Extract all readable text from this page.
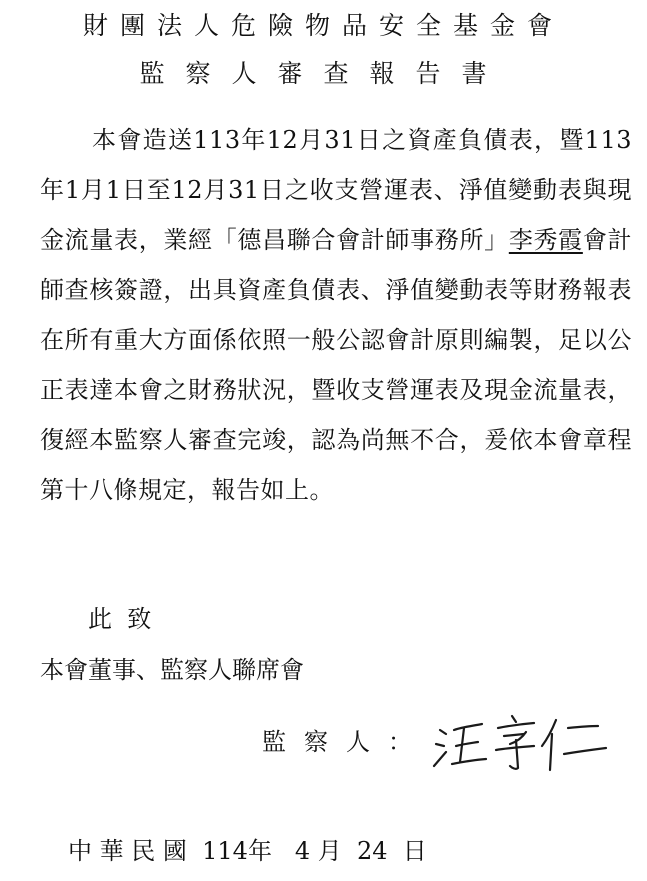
財團法人危險物品安全基金會
監察人審查報告書
本會造送113年12月31日之資產負債表，暨113年1月1日至12月31日之收支營運表、淨值變動表與現金流量表，業經「德昌聯合會計師事務所」李秀霞會計師查核簽證，出具資產負債表、淨值變動表等財務報表在所有重大方面係依照一般公認會計原則編製，足以公正表達本會之財務狀況，暨收支營運表及現金流量表，復經本監察人審查完竣，認為尚無不合，爰依本會章程第十八條規定，報告如上。
此  致
本會董事、監察人聯席會
監察人：
中 華 民 國  114年   4 月  24  日
